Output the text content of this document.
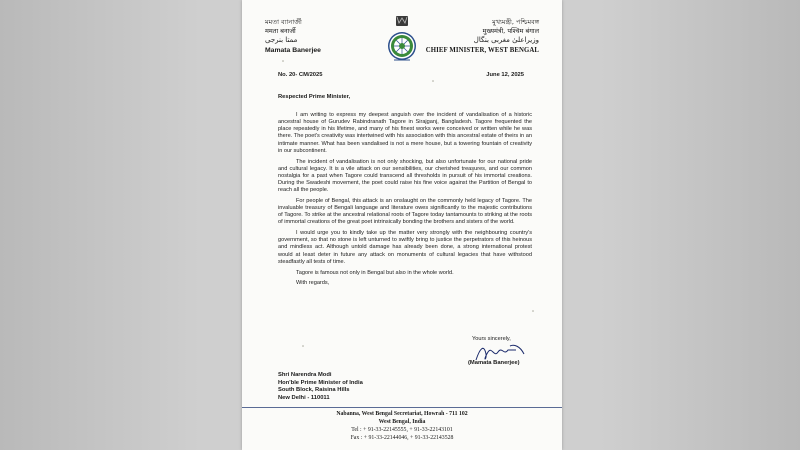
মমতা ব্যানার্জী
ममता बनार्जी
ممتا بنرجی
Mamata Banerjee
মুখ্যমন্ত্রী, পশ্চিমবঙ্গ
मुख्यमंत्री, पश्चिम बंगाल
وزیراعلیٰ مغربی بنگال
CHIEF MINISTER, WEST BENGAL
No. 20- CM/2025	June 12, 2025
Respected Prime Minister,

I am writing to express my deepest anguish over the incident of vandalisation of a historic ancestral house of Gurudev Rabindranath Tagore in Sirajganj, Bangladesh. Tagore frequented the place repeatedly in his lifetime, and many of his finest works were conceived or written while he was there. The poet's creativity was intertwined with his association with this ancestral estate of theirs in an intimate manner. What has been vandalised is not a mere house, but a towering fountain of creativity in our subcontinent.

The incident of vandalisation is not only shocking, but also unfortunate for our national pride and cultural legacy. It is a vile attack on our sensibilities, our cherished treasures, and our common nostalgia for a past when Tagore could transcend all thresholds in pursuit of his immortal creations. During the Swadeshi movement, the poet could raise his fine voice against the Partition of Bengal to reach all the people.

For people of Bengal, this attack is an onslaught on the commonly held legacy of Tagore. The invaluable treasury of Bengali language and literature owes significantly to the majestic contributions of Tagore. To strike at the ancestral relational roots of Tagore today tantamounts to striking at the roots of immortal creations of the great poet intrinsically bonding the brothers and sisters of the world.

I would urge you to kindly take up the matter very strongly with the neighbouring country's government, so that no stone is left unturned to swiftly bring to justice the perpetrators of this heinous and mindless act. Although untold damage has already been done, a strong international protest would at least deter in future any attack on monuments of cultural legacies that have withstood steadfastly all tests of time.

Tagore is famous not only in Bengal but also in the whole world.

With regards,

Yours sincerely,
(Mamata Banerjee)
Shri Narendra Modi
Hon'ble Prime Minister of India
South Block, Raisina Hills
New Delhi - 110011
Nabanna, West Bengal Secretariat, Howrah - 711 102
West Bengal, India
Tel : + 91-33-22145555, + 91-33-22143101
Fax : + 91-33-22144046, + 91-33-22143528
